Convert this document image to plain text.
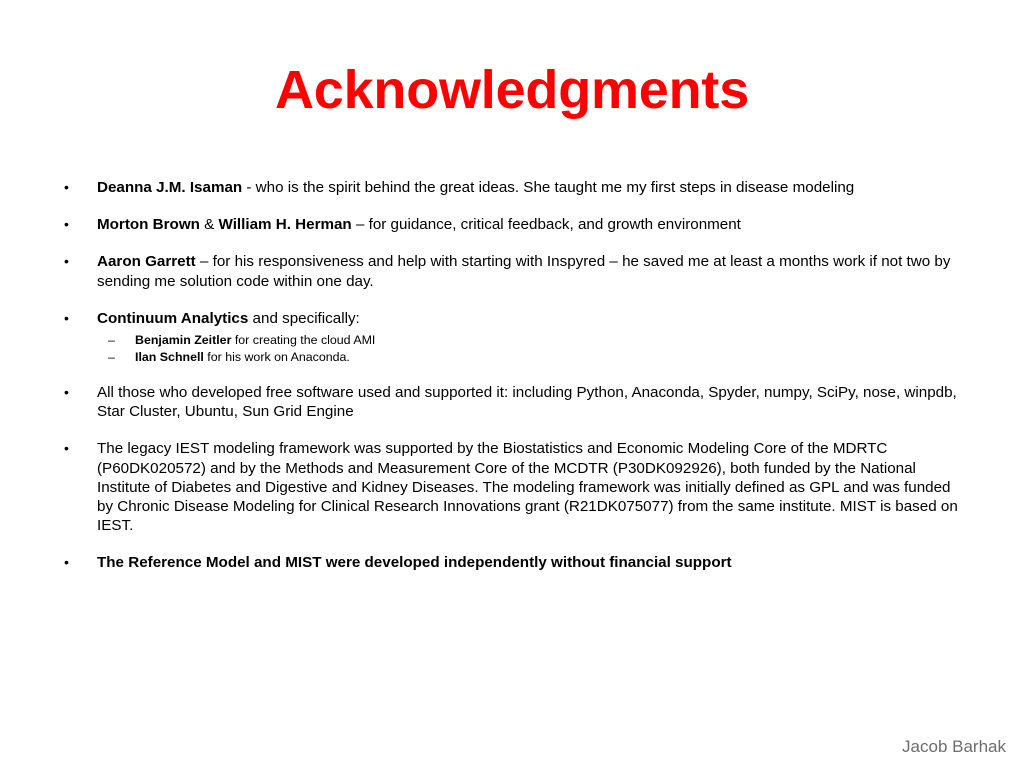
Acknowledgments
• Deanna J.M. Isaman - who is the spirit behind the great ideas. She taught me my first steps in disease modeling
• Morton Brown & William H. Herman – for guidance, critical feedback, and growth environment
• Aaron Garrett – for his responsiveness and help with starting with Inspyred – he saved me at least a months work if not two by sending me solution code within one day.
• Continuum Analytics and specifically:
– Benjamin Zeitler for creating the cloud AMI
– Ilan Schnell for his work on Anaconda.
• All those who developed free software used and supported it: including Python, Anaconda, Spyder, numpy, SciPy, nose, winpdb, Star Cluster, Ubuntu, Sun Grid Engine
• The legacy IEST modeling framework was supported by the Biostatistics and Economic Modeling Core of the MDRTC (P60DK020572) and by the Methods and Measurement Core of the MCDTR (P30DK092926), both funded by the National Institute of Diabetes and Digestive and Kidney Diseases. The modeling framework was initially defined as GPL and was funded by Chronic Disease Modeling for Clinical Research Innovations grant (R21DK075077) from the same institute. MIST is based on IEST.
• The Reference Model and MIST were developed independently without financial support
Jacob Barhak
